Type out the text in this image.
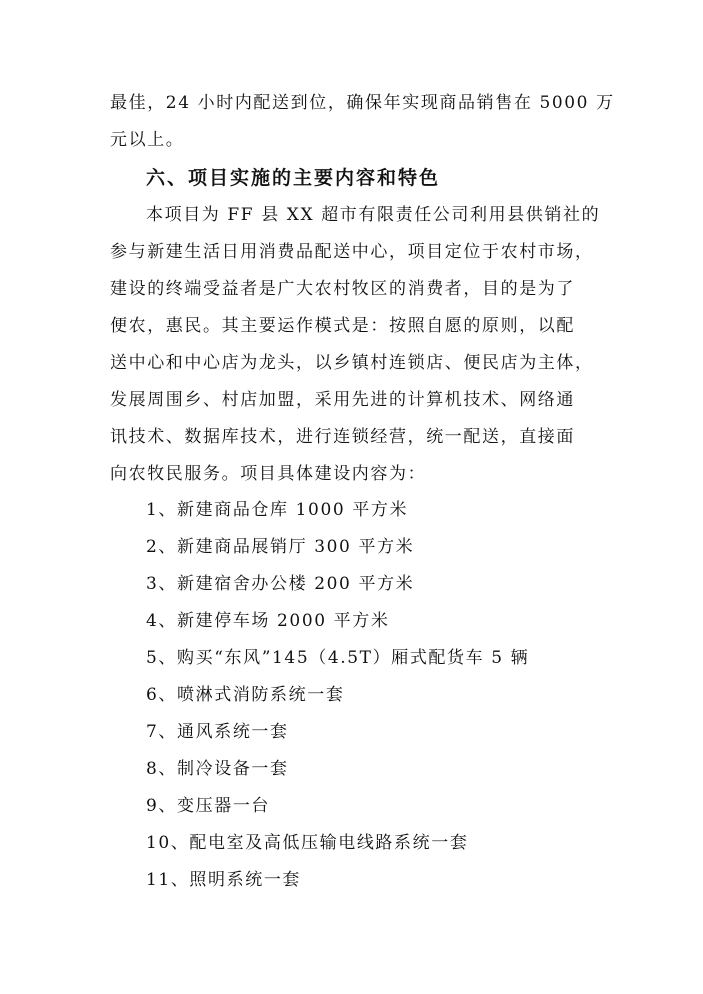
最佳，24 小时内配送到位，确保年实现商品销售在 5000 万
元以上。
六、项目实施的主要内容和特色
本项目为 FF 县 XX 超市有限责任公司利用县供销社的
参与新建生活日用消费品配送中心，项目定位于农村市场，
建设的终端受益者是广大农村牧区的消费者，目的是为了
便农，惠民。其主要运作模式是：按照自愿的原则，以配
送中心和中心店为龙头，以乡镇村连锁店、便民店为主体，
发展周围乡、村店加盟，采用先进的计算机技术、网络通
讯技术、数据库技术，进行连锁经营，统一配送，直接面
向农牧民服务。项目具体建设内容为：
1、新建商品仓库 1000 平方米
2、新建商品展销厅 300 平方米
3、新建宿舍办公楼 200 平方米
4、新建停车场 2000 平方米
5、购买“东风”145（4.5T）厢式配货车 5 辆
6、喷淋式消防系统一套
7、通风系统一套
8、制冷设备一套
9、变压器一台
10、配电室及高低压输电线路系统一套
11、照明系统一套
